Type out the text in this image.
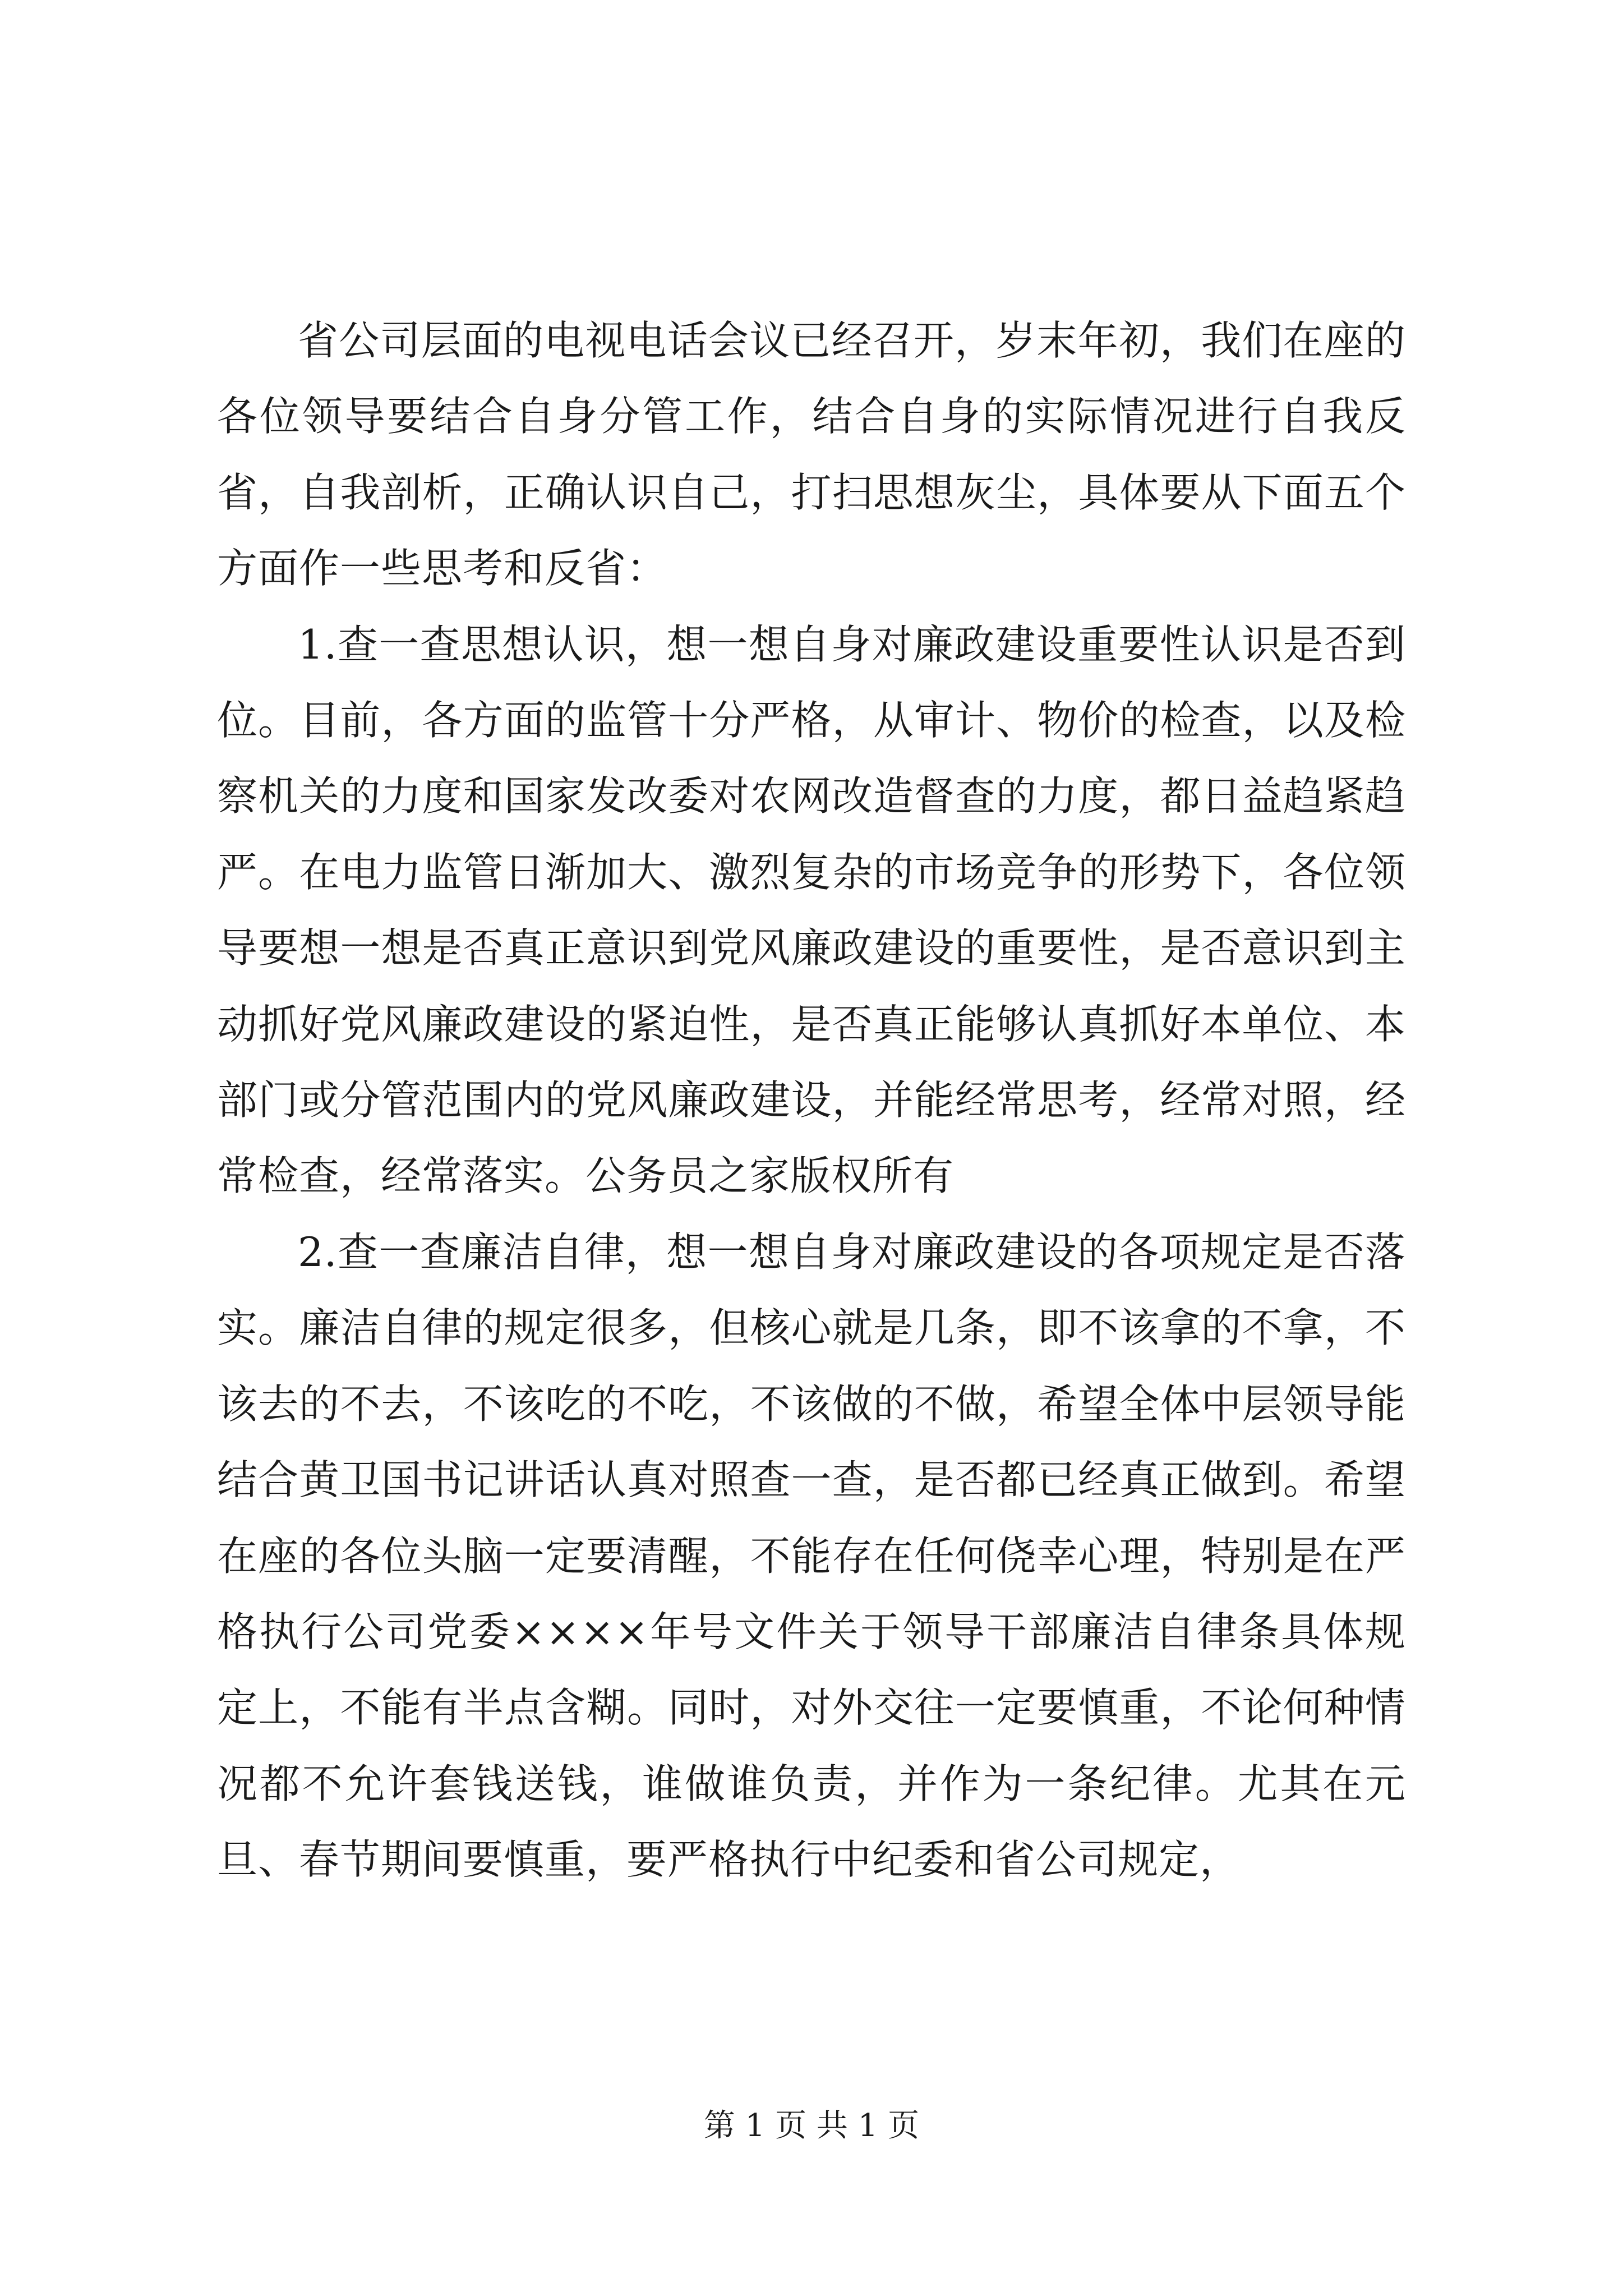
省公司层面的电视电话会议已经召开，岁末年初，我们在座的各位领导要结合自身分管工作，结合自身的实际情况进行自我反省，自我剖析，正确认识自己，打扫思想灰尘，具体要从下面五个方面作一些思考和反省：

1.查一查思想认识，想一想自身对廉政建设重要性认识是否到位。目前，各方面的监管十分严格，从审计、物价的检查，以及检察机关的力度和国家发改委对农网改造督查的力度，都日益趋紧趋严。在电力监管日渐加大、激烈复杂的市场竞争的形势下，各位领导要想一想是否真正意识到党风廉政建设的重要性，是否意识到主动抓好党风廉政建设的紧迫性，是否真正能够认真抓好本单位、本部门或分管范围内的党风廉政建设，并能经常思考，经常对照，经常检查，经常落实。公务员之家版权所有

2.查一查廉洁自律，想一想自身对廉政建设的各项规定是否落实。廉洁自律的规定很多，但核心就是几条，即不该拿的不拿，不该去的不去，不该吃的不吃，不该做的不做，希望全体中层领导能结合黄卫国书记讲话认真对照查一查，是否都已经真正做到。希望在座的各位头脑一定要清醒，不能存在任何侥幸心理，特别是在严格执行公司党委××××年号文件关于领导干部廉洁自律条具体规定上，不能有半点含糊。同时，对外交往一定要慎重，不论何种情况都不允许套钱送钱，谁做谁负责，并作为一条纪律。尤其在元旦、春节期间要慎重，要严格执行中纪委和省公司规定，

第 1 页 共 1 页
